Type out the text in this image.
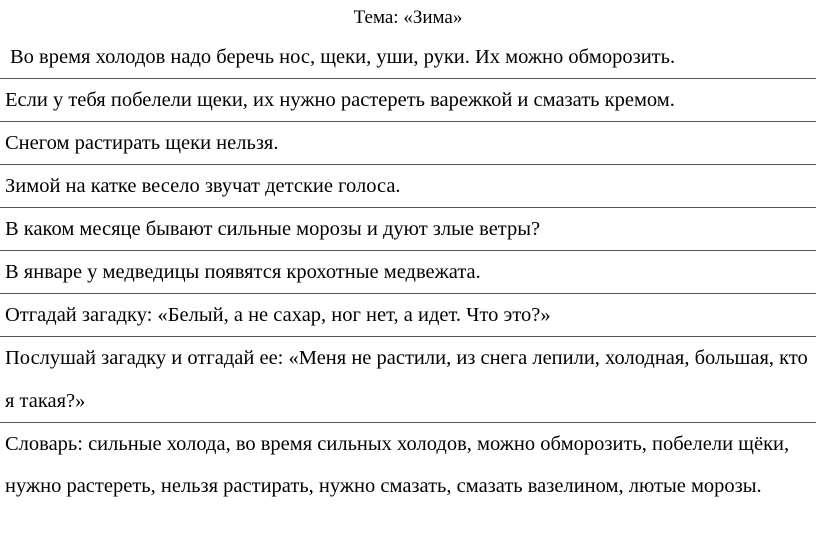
Тема: «Зима»
Во время холодов надо беречь нос, щеки, уши, руки. Их можно обморозить.
Если у тебя побелели щеки, их нужно растереть варежкой и смазать кремом.
Снегом растирать щеки нельзя.
Зимой на катке весело звучат детские голоса.
В каком месяце бывают сильные морозы и дуют злые ветры?
В январе у медведицы появятся крохотные медвежата.
Отгадай загадку: «Белый, а не сахар, ног нет, а идет. Что это?»
Послушай загадку и отгадай ее: «Меня не растили, из снега лепили, холодная, большая, кто я такая?»
Словарь: сильные холода, во время сильных холодов, можно обморозить, побелели щёки, нужно растереть, нельзя растирать, нужно смазать, смазать вазелином, лютые морозы.
